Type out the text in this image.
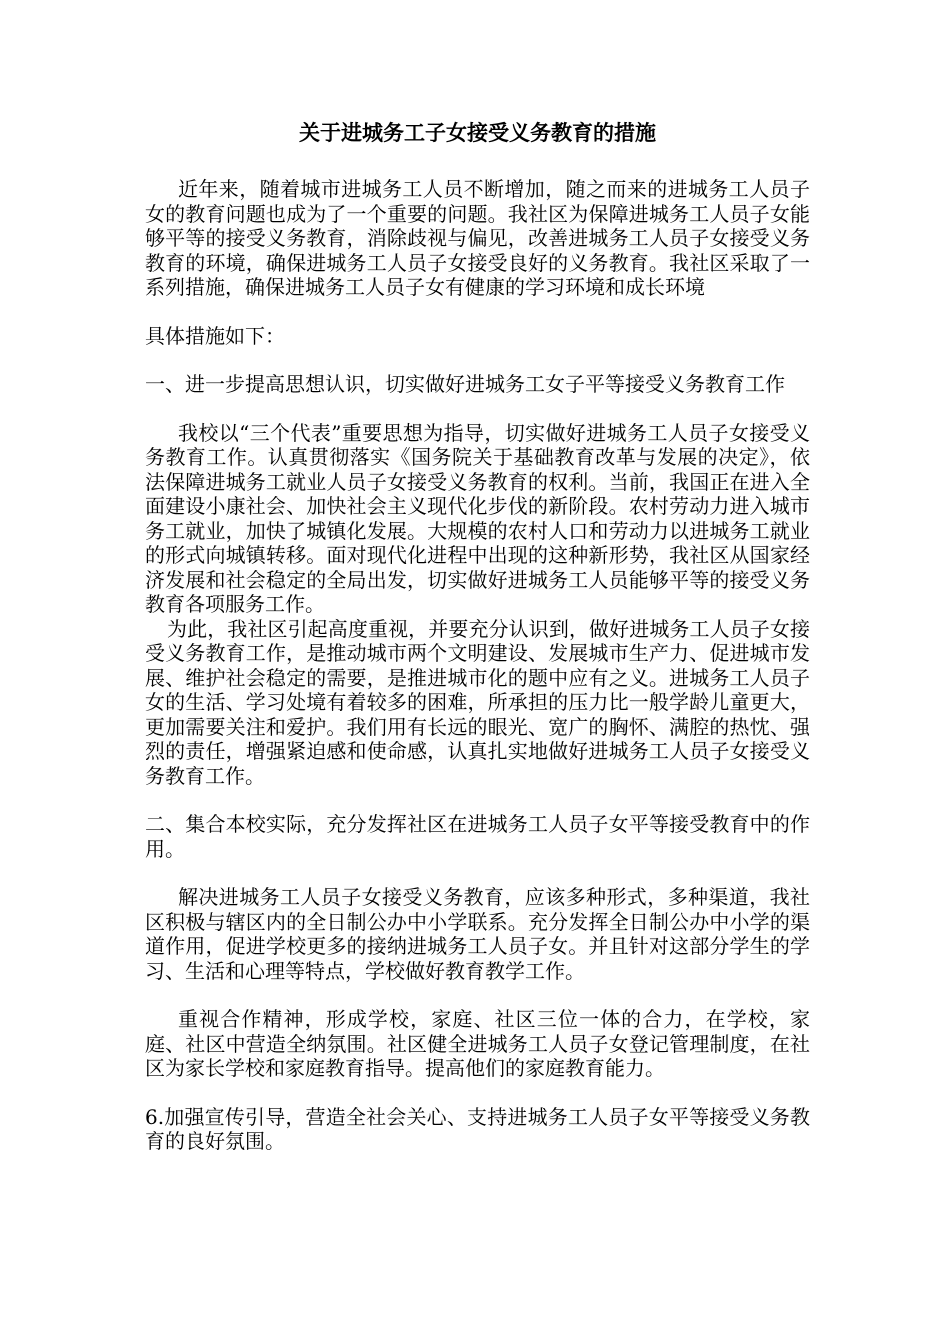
关于进城务工子女接受义务教育的措施

近年来，随着城市进城务工人员不断增加，随之而来的进城务工人员子女的教育问题也成为了一个重要的问题。我社区为保障进城务工人员子女能够平等的接受义务教育，消除歧视与偏见，改善进城务工人员子女接受义务教育的环境，确保进城务工人员子女接受良好的义务教育。我社区采取了一系列措施，确保进城务工人员子女有健康的学习环境和成长环境

具体措施如下：

一、进一步提高思想认识，切实做好进城务工女子平等接受义务教育工作

我校以“三个代表”重要思想为指导，切实做好进城务工人员子女接受义务教育工作。认真贯彻落实《国务院关于基础教育改革与发展的决定》，依法保障进城务工就业人员子女接受义务教育的权利。当前，我国正在进入全面建设小康社会、加快社会主义现代化步伐的新阶段。农村劳动力进入城市务工就业，加快了城镇化发展。大规模的农村人口和劳动力以进城务工就业的形式向城镇转移。面对现代化进程中出现的这种新形势，我社区从国家经济发展和社会稳定的全局出发，切实做好进城务工人员能够平等的接受义务教育各项服务工作。

为此，我社区引起高度重视，并要充分认识到，做好进城务工人员子女接受义务教育工作，是推动城市两个文明建设、发展城市生产力、促进城市发展、维护社会稳定的需要，是推进城市化的题中应有之义。进城务工人员子女的生活、学习处境有着较多的困难，所承担的压力比一般学龄儿童更大，更加需要关注和爱护。我们用有长远的眼光、宽广的胸怀、满腔的热忱、强烈的责任，增强紧迫感和使命感，认真扎实地做好进城务工人员子女接受义务教育工作。

二、集合本校实际，充分发挥社区在进城务工人员子女平等接受教育中的作用。

解决进城务工人员子女接受义务教育，应该多种形式，多种渠道，我社区积极与辖区内的全日制公办中小学联系。充分发挥全日制公办中小学的渠道作用，促进学校更多的接纳进城务工人员子女。并且针对这部分学生的学习、生活和心理等特点，学校做好教育教学工作。

重视合作精神，形成学校，家庭、社区三位一体的合力，在学校，家庭、社区中营造全纳氛围。社区健全进城务工人员子女登记管理制度，在社区为家长学校和家庭教育指导。提高他们的家庭教育能力。

6.加强宣传引导，营造全社会关心、支持进城务工人员子女平等接受义务教育的良好氛围。
